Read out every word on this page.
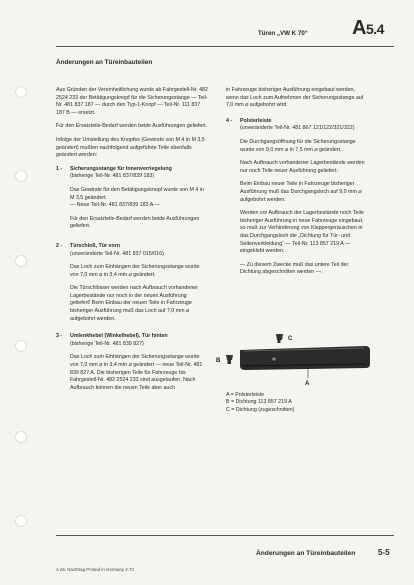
Türen „VW K 70“ A5.4
Änderungen an Türeinbauteilen

Aus Gründen der Vereinheitlichung wurde ab Fahrgestell-Nr. 482 2524 233 der Betätigungsknopf für die Sicherungsstange — Teil-Nr. 481 837 187 — durch den Typ-1-Knopf — Teil-Nr. 111 837 187 B — ersetzt.

Für den Ersatzteile-Bedarf werden beide Ausführungen geliefert.

Infolge der Umstellung des Knopfes (Gewinde von M 4 in M 3,5 geändert) mußten nachfolgend aufgeführte Teile ebenfalls geändert werden:

1 -	Sicherungsstange für Innenverriegelung

(bisherige Teil-Nr. 481 837/839 183)

Das Gewinde für den Betätigungsknopf wurde von M 4 in M 3,5 geändert.

— Neue Teil-Nr. 481 837/839 183 A —

Für den Ersatzteile-Bedarf werden beide Ausführungen geliefert.

2 -	Türschloß, Tür vorn

(unveränderte Teil-Nr. 481 837 015/016)

Das Loch zum Einhängen der Sicherungsstange wurde von 7,0 mm ⌀ in 3,4 mm ⌀ geändert.

Die Türschlösser werden nach Aufbrauch vorhandener Lagerbestände nur noch in der neuen Ausführung geliefert! Beim Einbau der neuen Teile in Fahrzeuge bisheriger Ausführung muß das Loch auf 7,0 mm ⌀ aufgebohrt werden.

3 -	Umlenkhebel (Winkelhebel), Tür hinten

(bisherige Teil-Nr. 481 839 827)

Das Loch zum Einhängen der Sicherungsstange wurde von 7,0 mm ⌀ in 3,4 mm ⌀ geändert — neue Teil-Nr. 481 839 827 A. Die bisherigen Teile für Fahrzeuge bis Fahrgestell-Nr. 482 2524 233 sind ausgelaufen. Nach Aufbrauch können die neuen Teile aber auch

in Fahrzeuge bisheriger Ausführung eingebaut werden, wenn das Loch zum Aufnehmen der Sicherungsstange auf 7,0 mm ⌀ aufgebohrt wird.

4 -	Polsterleiste

(unveränderte Teil-Nr. 481 867 121/122/321/322)

Die Durchgangsöffnung für die Sicherungsstange wurde von 9,0 mm ⌀ in 7,5 mm ⌀ geändert.

Nach Aufbrauch vorhandener Lagerbestände werden nur noch Teile neuer Ausführung geliefert.

Beim Einbau neuer Teile in Fahrzeuge bisheriger Ausführung muß das Durchgangsloch auf 9,0 mm ⌀ aufgebohrt werden.

Werden vor Aufbrauch der Lagerbestände noch Teile bisheriger Ausführung in neue Fahrzeuge eingebaut, so muß zur Verhinderung von Klappergeräuschen in das Durchgangsloch die „Dichtung für Tür- und Seitenverkleidung“ — Teil-Nr. 113 857 219 A — eingeklebt werden.

— Zu diesem Zwecke muß das untere Teil der Dichtung abgeschnitten werden —.

C
B
A
A = Polsterleiste
B = Dichtung 113 857 219 A
C = Dichtung (zugeschnitten)
Änderungen an Türeinbauteilen	5-5
A 26. Nachtrag Printed in Germany 2.73
